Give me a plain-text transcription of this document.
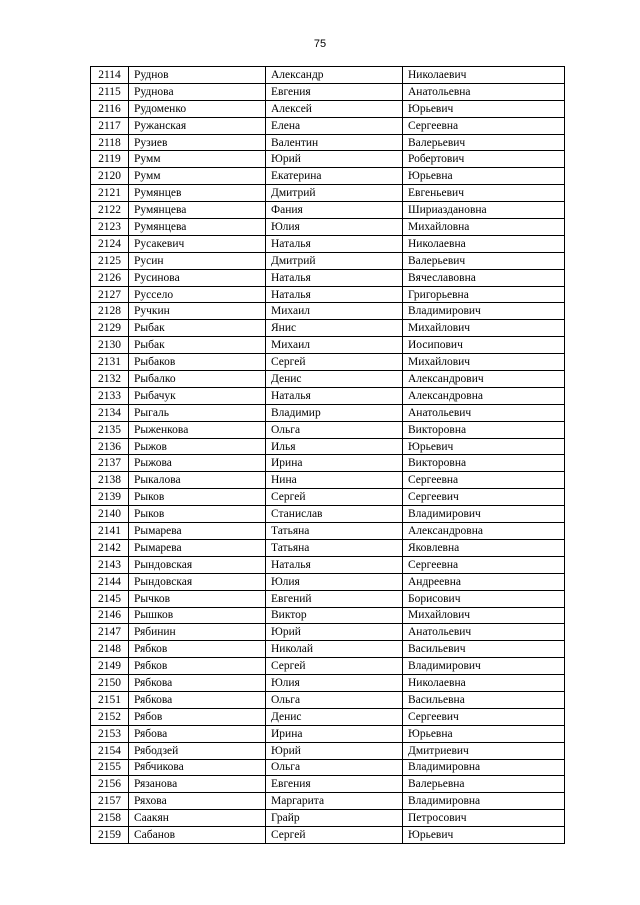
75
2114	Руднов	Александр	Николаевич
2115	Руднова	Евгения	Анатольевна
2116	Рудоменко	Алексей	Юрьевич
2117	Ружанская	Елена	Сергеевна
2118	Рузиев	Валентин	Валерьевич
2119	Румм	Юрий	Робертович
2120	Румм	Екатерина	Юрьевна
2121	Румянцев	Дмитрий	Евгеньевич
2122	Румянцева	Фания	Шириаздановна
2123	Румянцева	Юлия	Михайловна
2124	Русакевич	Наталья	Николаевна
2125	Русин	Дмитрий	Валерьевич
2126	Русинова	Наталья	Вячеславовна
2127	Руссело	Наталья	Григорьевна
2128	Ручкин	Михаил	Владимирович
2129	Рыбак	Янис	Михайлович
2130	Рыбак	Михаил	Иосипович
2131	Рыбаков	Сергей	Михайлович
2132	Рыбалко	Денис	Александрович
2133	Рыбачук	Наталья	Александровна
2134	Рыгаль	Владимир	Анатольевич
2135	Рыженкова	Ольга	Викторовна
2136	Рыжов	Илья	Юрьевич
2137	Рыжова	Ирина	Викторовна
2138	Рыкалова	Нина	Сергеевна
2139	Рыков	Сергей	Сергеевич
2140	Рыков	Станислав	Владимирович
2141	Рымарева	Татьяна	Александровна
2142	Рымарева	Татьяна	Яковлевна
2143	Рындовская	Наталья	Сергеевна
2144	Рындовская	Юлия	Андреевна
2145	Рычков	Евгений	Борисович
2146	Рышков	Виктор	Михайлович
2147	Рябинин	Юрий	Анатольевич
2148	Рябков	Николай	Васильевич
2149	Рябков	Сергей	Владимирович
2150	Рябкова	Юлия	Николаевна
2151	Рябкова	Ольга	Васильевна
2152	Рябов	Денис	Сергеевич
2153	Рябова	Ирина	Юрьевна
2154	Рябодзей	Юрий	Дмитриевич
2155	Рябчикова	Ольга	Владимировна
2156	Рязанова	Евгения	Валерьевна
2157	Ряхова	Маргарита	Владимировна
2158	Саакян	Грайр	Петросович
2159	Сабанов	Сергей	Юрьевич
